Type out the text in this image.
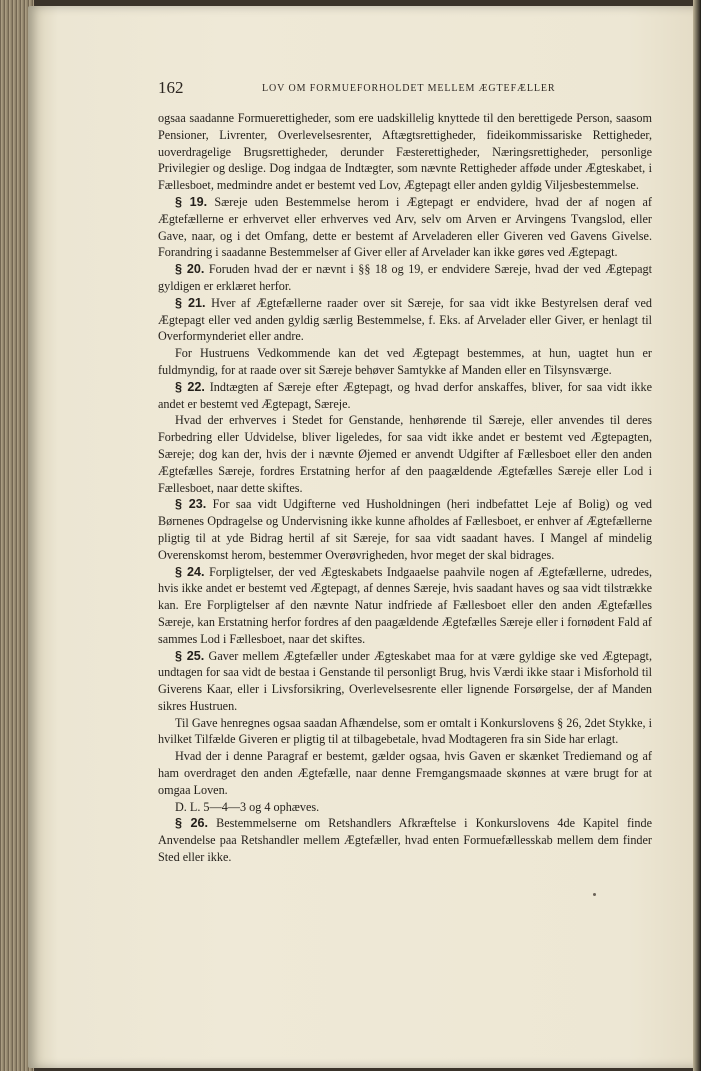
162	LOV OM FORMUEFORHOLDET MELLEM ÆGTEFÆLLER

ogsaa saadanne Formuerettigheder, som ere uadskillelig knyttede til den berettigede Person, saasom Pensioner, Livrenter, Overlevelsesrenter, Aftægtsrettigheder, fideikommissariske Rettigheder, uoverdragelige Brugsrettigheder, derunder Fæsterettigheder, Næringsrettigheder, personlige Privilegier og deslige. Dog indgaa de Indtægter, som nævnte Rettigheder afføde under Ægteskabet, i Fællesboet, medmindre andet er bestemt ved Lov, Ægtepagt eller anden gyldig Viljesbestemmelse.

§ 19. Særeje uden Bestemmelse herom i Ægtepagt er endvidere, hvad der af nogen af Ægtefællerne er erhvervet eller erhverves ved Arv, selv om Arven er Arvingens Tvangslod, eller Gave, naar, og i det Omfang, dette er bestemt af Arveladeren eller Giveren ved Gavens Givelse. Forandring i saadanne Bestemmelser af Giver eller af Arvelader kan ikke gøres ved Ægtepagt.

§ 20. Foruden hvad der er nævnt i §§ 18 og 19, er endvidere Særeje, hvad der ved Ægtepagt gyldigen er erklæret herfor.

§ 21. Hver af Ægtefællerne raader over sit Særeje, for saa vidt ikke Bestyrelsen deraf ved Ægtepagt eller ved anden gyldig særlig Bestemmelse, f. Eks. af Arvelader eller Giver, er henlagt til Overformynderiet eller andre.

For Hustruens Vedkommende kan det ved Ægtepagt bestemmes, at hun, uagtet hun er fuldmyndig, for at raade over sit Særeje behøver Samtykke af Manden eller en Tilsynsværge.

§ 22. Indtægten af Særeje efter Ægtepagt, og hvad derfor anskaffes, bliver, for saa vidt ikke andet er bestemt ved Ægtepagt, Særeje.

Hvad der erhverves i Stedet for Genstande, henhørende til Særeje, eller anvendes til deres Forbedring eller Udvidelse, bliver ligeledes, for saa vidt ikke andet er bestemt ved Ægtepagten, Særeje; dog kan der, hvis der i nævnte Øjemed er anvendt Udgifter af Fællesboet eller den anden Ægtefælles Særeje, fordres Erstatning herfor af den paagældende Ægtefælles Særeje eller Lod i Fællesboet, naar dette skiftes.

§ 23. For saa vidt Udgifterne ved Husholdningen (heri indbefattet Leje af Bolig) og ved Børnenes Opdragelse og Undervisning ikke kunne afholdes af Fællesboet, er enhver af Ægtefællerne pligtig til at yde Bidrag hertil af sit Særeje, for saa vidt saadant haves. I Mangel af mindelig Overenskomst herom, bestemmer Overøvrigheden, hvor meget der skal bidrages.

§ 24. Forpligtelser, der ved Ægteskabets Indgaaelse paahvile nogen af Ægtefællerne, udredes, hvis ikke andet er bestemt ved Ægtepagt, af dennes Særeje, hvis saadant haves og saa vidt tilstrække kan. Ere Forpligtelser af den nævnte Natur indfriede af Fællesboet eller den anden Ægtefælles Særeje, kan Erstatning herfor fordres af den paagældende Ægtefælles Særeje eller i fornødent Fald af sammes Lod i Fællesboet, naar det skiftes.

§ 25. Gaver mellem Ægtefæller under Ægteskabet maa for at være gyldige ske ved Ægtepagt, undtagen for saa vidt de bestaa i Genstande til personligt Brug, hvis Værdi ikke staar i Misforhold til Giverens Kaar, eller i Livsforsikring, Overlevelsesrente eller lignende Forsørgelse, der af Manden sikres Hustruen.

Til Gave henregnes ogsaa saadan Afhændelse, som er omtalt i Konkurslovens § 26, 2det Stykke, i hvilket Tilfælde Giveren er pligtig til at tilbagebetale, hvad Modtageren fra sin Side har erlagt.

Hvad der i denne Paragraf er bestemt, gælder ogsaa, hvis Gaven er skænket Trediemand og af ham overdraget den anden Ægtefælle, naar denne Fremgangsmaade skønnes at være brugt for at omgaa Loven.

D. L. 5—4—3 og 4 ophæves.

§ 26. Bestemmelserne om Retshandlers Afkræftelse i Konkurslovens 4de Kapitel finde Anvendelse paa Retshandler mellem Ægtefæller, hvad enten Formuefællesskab mellem dem finder Sted eller ikke.
